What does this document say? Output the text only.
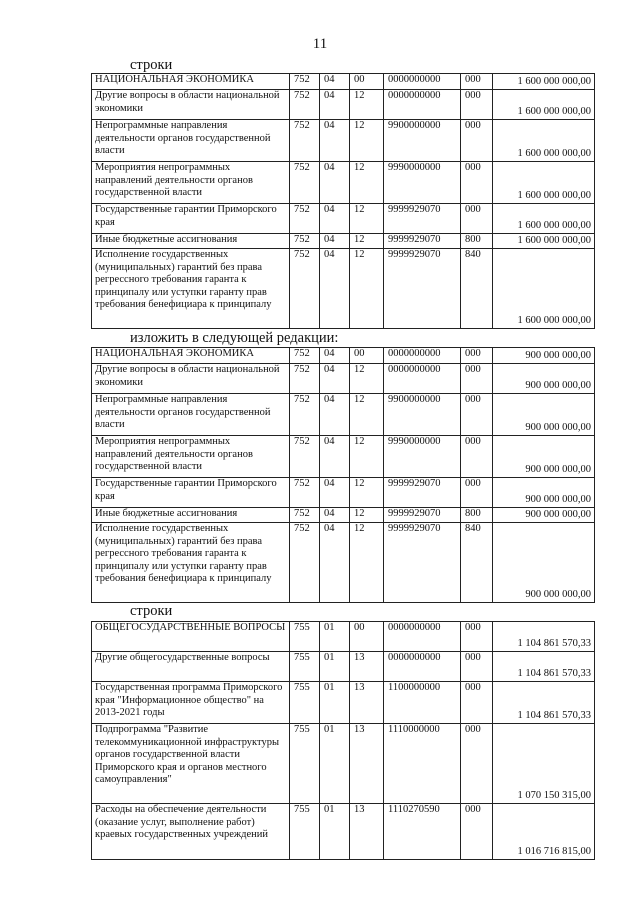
11
строки
НАЦИОНАЛЬНАЯ ЭКОНОМИКА	752	04	00	0000000000	000	1 600 000 000,00
Другие вопросы в области национальной экономики	752	04	12	0000000000	000	1 600 000 000,00
Непрограммные направления деятельности органов государственной власти	752	04	12	9900000000	000	1 600 000 000,00
Мероприятия непрограммных направлений деятельности органов государственной власти	752	04	12	9990000000	000	1 600 000 000,00
Государственные гарантии Приморского края	752	04	12	9999929070	000	1 600 000 000,00
Иные бюджетные ассигнования	752	04	12	9999929070	800	1 600 000 000,00
Исполнение государственных (муниципальных) гарантий без права регрессного требования гаранта к принципалу или уступки гаранту прав требования бенефициара к принципалу	752	04	12	9999929070	840	1 600 000 000,00
изложить в следующей редакции:
НАЦИОНАЛЬНАЯ ЭКОНОМИКА	752	04	00	0000000000	000	900 000 000,00
Другие вопросы в области национальной экономики	752	04	12	0000000000	000	900 000 000,00
Непрограммные направления деятельности органов государственной власти	752	04	12	9900000000	000	900 000 000,00
Мероприятия непрограммных направлений деятельности органов государственной власти	752	04	12	9990000000	000	900 000 000,00
Государственные гарантии Приморского края	752	04	12	9999929070	000	900 000 000,00
Иные бюджетные ассигнования	752	04	12	9999929070	800	900 000 000,00
Исполнение государственных (муниципальных) гарантий без права регрессного требования гаранта к принципалу или уступки гаранту прав требования бенефициара к принципалу	752	04	12	9999929070	840	900 000 000,00
строки
ОБЩЕГОСУДАРСТВЕННЫЕ ВОПРОСЫ	755	01	00	0000000000	000	1 104 861 570,33
Другие общегосударственные вопросы	755	01	13	0000000000	000	1 104 861 570,33
Государственная программа Приморского края "Информационное общество" на 2013-2021 годы	755	01	13	1100000000	000	1 104 861 570,33
Подпрограмма "Развитие телекоммуникационной инфраструктуры органов государственной власти Приморского края и органов местного самоуправления"	755	01	13	1110000000	000	1 070 150 315,00
Расходы на обеспечение деятельности (оказание услуг, выполнение работ) краевых государственных учреждений	755	01	13	1110270590	000	1 016 716 815,00
